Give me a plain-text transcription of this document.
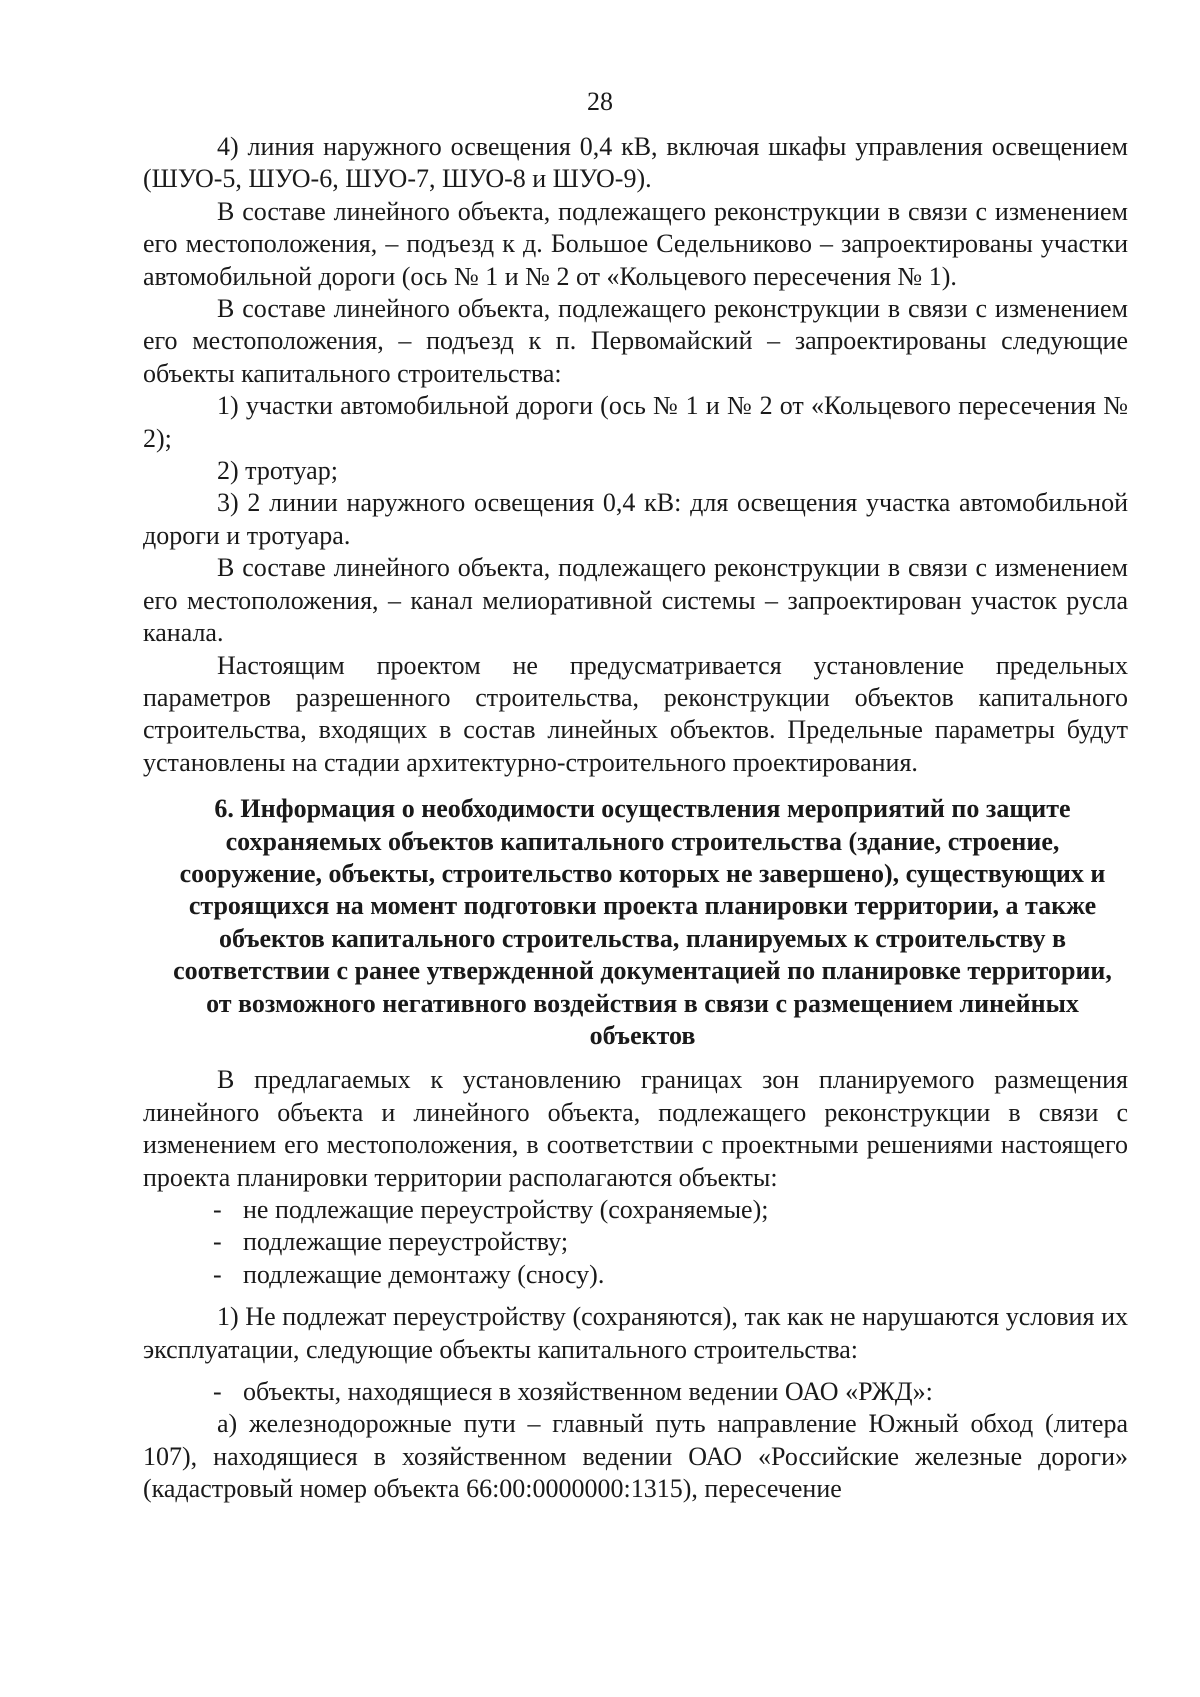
28

4) линия наружного освещения 0,4 кВ, включая шкафы управления освещением (ШУО-5, ШУО-6, ШУО-7, ШУО-8 и ШУО-9).

В составе линейного объекта, подлежащего реконструкции в связи с изменением его местоположения, – подъезд к д. Большое Седельниково – запроектированы участки автомобильной дороги (ось № 1 и № 2 от «Кольцевого пересечения № 1).

В составе линейного объекта, подлежащего реконструкции в связи с изменением его местоположения, – подъезд к п. Первомайский – запроектированы следующие объекты капитального строительства:

1) участки автомобильной дороги (ось № 1 и № 2 от «Кольцевого пересечения № 2);

2) тротуар;

3) 2 линии наружного освещения 0,4 кВ: для освещения участка автомобильной дороги и тротуара.

В составе линейного объекта, подлежащего реконструкции в связи с изменением его местоположения, – канал мелиоративной системы – запроектирован участок русла канала.

Настоящим проектом не предусматривается установление предельных параметров разрешенного строительства, реконструкции объектов капитального строительства, входящих в состав линейных объектов. Предельные параметры будут установлены на стадии архитектурно-строительного проектирования.

6. Информация о необходимости осуществления мероприятий по защите сохраняемых объектов капитального строительства (здание, строение, сооружение, объекты, строительство которых не завершено), существующих и строящихся на момент подготовки проекта планировки территории, а также объектов капитального строительства, планируемых к строительству в соответствии с ранее утвержденной документацией по планировке территории, от возможного негативного воздействия в связи с размещением линейных объектов

В предлагаемых к установлению границах зон планируемого размещения линейного объекта и линейного объекта, подлежащего реконструкции в связи с изменением его местоположения, в соответствии с проектными решениями настоящего проекта планировки территории располагаются объекты:

- не подлежащие переустройству (сохраняемые);
- подлежащие переустройству;
- подлежащие демонтажу (сносу).

1) Не подлежат переустройству (сохраняются), так как не нарушаются условия их эксплуатации, следующие объекты капитального строительства:

- объекты, находящиеся в хозяйственном ведении ОАО «РЖД»:

а) железнодорожные пути – главный путь направление Южный обход (литера 107), находящиеся в хозяйственном ведении ОАО «Российские железные дороги» (кадастровый номер объекта 66:00:0000000:1315), пересечение
